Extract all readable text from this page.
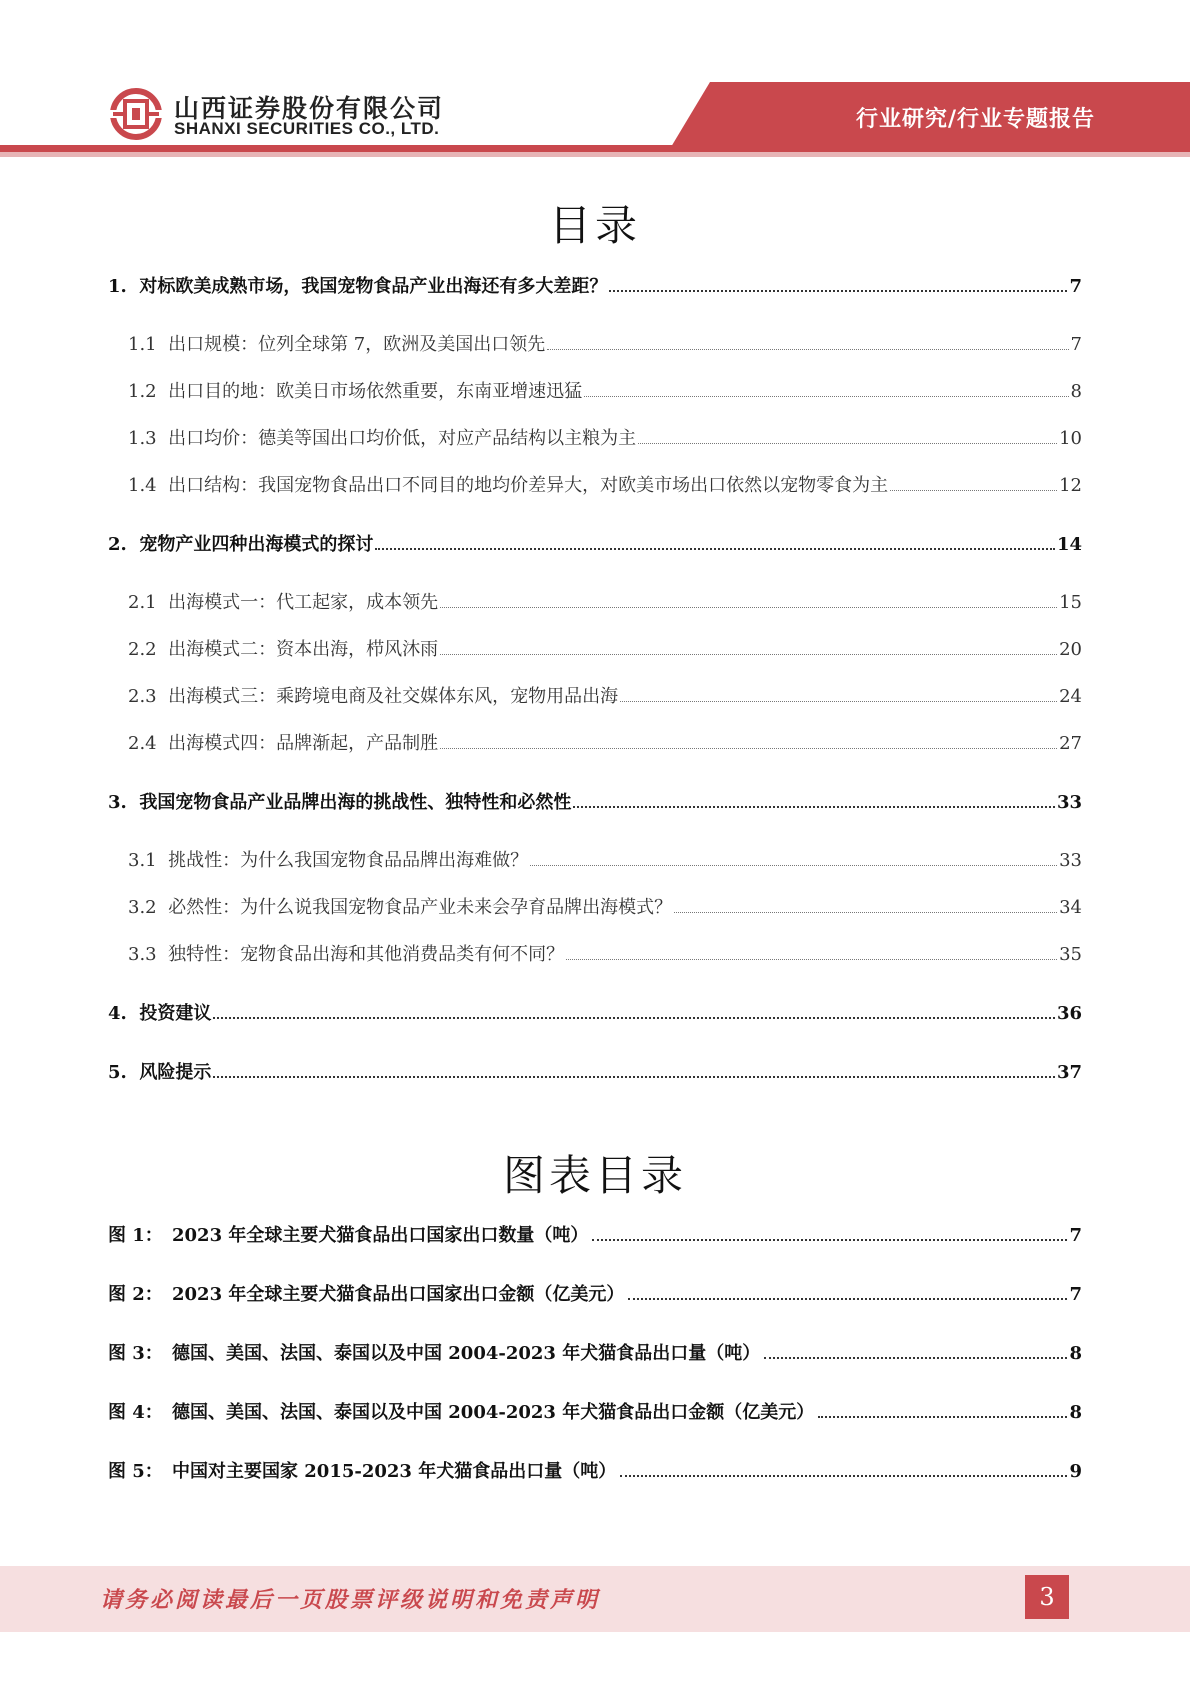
山西证券股份有限公司
SHANXI SECURITIES CO., LTD.	行业研究/行业专题报告
目录
1. 对标欧美成熟市场，我国宠物食品产业出海还有多大差距？	7
1.1 出口规模：位列全球第 7，欧洲及美国出口领先	7
1.2 出口目的地：欧美日市场依然重要，东南亚增速迅猛	8
1.3 出口均价：德美等国出口均价低，对应产品结构以主粮为主	10
1.4 出口结构：我国宠物食品出口不同目的地均价差异大，对欧美市场出口依然以宠物零食为主	12
2. 宠物产业四种出海模式的探讨	14
2.1 出海模式一：代工起家，成本领先	15
2.2 出海模式二：资本出海，栉风沐雨	20
2.3 出海模式三：乘跨境电商及社交媒体东风，宠物用品出海	24
2.4 出海模式四：品牌渐起，产品制胜	27
3. 我国宠物食品产业品牌出海的挑战性、独特性和必然性	33
3.1 挑战性：为什么我国宠物食品品牌出海难做？	33
3.2 必然性：为什么说我国宠物食品产业未来会孕育品牌出海模式？	34
3.3 独特性：宠物食品出海和其他消费品类有何不同？	35
4. 投资建议	36
5. 风险提示	37
图表目录
图 1： 2023 年全球主要犬猫食品出口国家出口数量（吨）	7
图 2： 2023 年全球主要犬猫食品出口国家出口金额（亿美元）	7
图 3： 德国、美国、法国、泰国以及中国 2004-2023 年犬猫食品出口量（吨）	8
图 4： 德国、美国、法国、泰国以及中国 2004-2023 年犬猫食品出口金额（亿美元）	8
图 5： 中国对主要国家 2015-2023 年犬猫食品出口量（吨）	9
请务必阅读最后一页股票评级说明和免责声明	3
